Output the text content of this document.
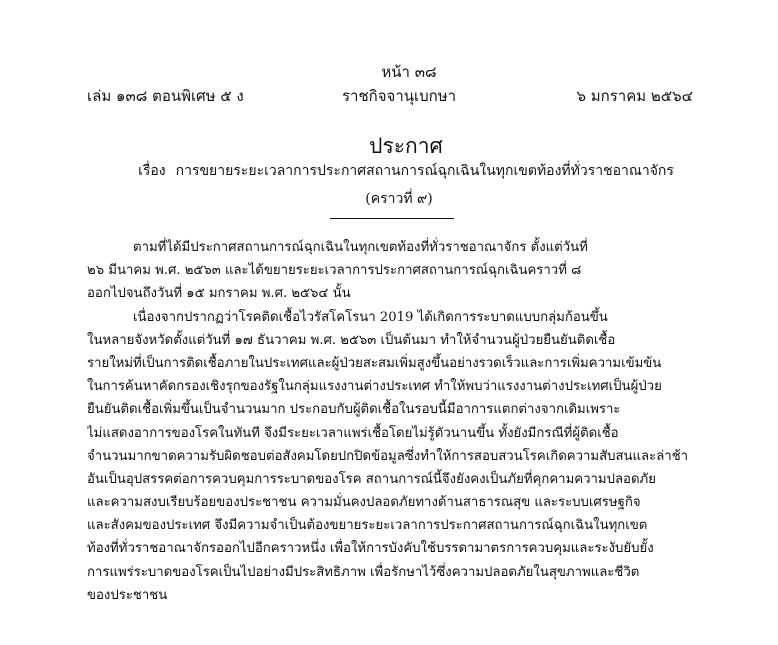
หน้า ๓๘
เล่ม ๑๓๘ ตอนพิเศษ ๕ ง	ราชกิจจานุเบกษา	๖ มกราคม ๒๕๖๔
ประกาศ
เรื่อง การขยายระยะเวลาการประกาศสถานการณ์ฉุกเฉินในทุกเขตท้องที่ทั่วราชอาณาจักร
(คราวที่ ๙)
ตามที่ได้มีประกาศสถานการณ์ฉุกเฉินในทุกเขตท้องที่ทั่วราชอาณาจักร ตั้งแต่วันที่
๒๖ มีนาคม พ.ศ. ๒๕๖๓ และได้ขยายระยะเวลาการประกาศสถานการณ์ฉุกเฉินคราวที่ ๘
ออกไปจนถึงวันที่ ๑๕ มกราคม พ.ศ. ๒๕๖๔ นั้น
เนื่องจากปรากฏว่าโรคติดเชื้อไวรัสโคโรนา 2019 ได้เกิดการระบาดแบบกลุ่มก้อนขึ้น
ในหลายจังหวัดตั้งแต่วันที่ ๑๗ ธันวาคม พ.ศ. ๒๕๖๓ เป็นต้นมา ทำให้จำนวนผู้ป่วยยืนยันติดเชื้อ
รายใหม่ที่เป็นการติดเชื้อภายในประเทศและผู้ป่วยสะสมเพิ่มสูงขึ้นอย่างรวดเร็วและการเพิ่มความเข้มข้น
ในการค้นหาคัดกรองเชิงรุกของรัฐในกลุ่มแรงงานต่างประเทศ ทำให้พบว่าแรงงานต่างประเทศเป็นผู้ป่วย
ยืนยันติดเชื้อเพิ่มขึ้นเป็นจำนวนมาก ประกอบกับผู้ติดเชื้อในรอบนี้มีอาการแตกต่างจากเดิมเพราะ
ไม่แสดงอาการของโรคในทันที จึงมีระยะเวลาแพร่เชื้อโดยไม่รู้ตัวนานขึ้น ทั้งยังมีกรณีที่ผู้ติดเชื้อ
จำนวนมากขาดความรับผิดชอบต่อสังคมโดยปกปิดข้อมูลซึ่งทำให้การสอบสวนโรคเกิดความสับสนและล่าช้า
อันเป็นอุปสรรคต่อการควบคุมการระบาดของโรค สถานการณ์นี้จึงยังคงเป็นภัยที่คุกคามความปลอดภัย
และความสงบเรียบร้อยของประชาชน ความมั่นคงปลอดภัยทางด้านสาธารณสุข และระบบเศรษฐกิจ
และสังคมของประเทศ จึงมีความจำเป็นต้องขยายระยะเวลาการประกาศสถานการณ์ฉุกเฉินในทุกเขต
ท้องที่ทั่วราชอาณาจักรออกไปอีกคราวหนึ่ง เพื่อให้การบังคับใช้บรรดามาตรการควบคุมและระงับยับยั้ง
การแพร่ระบาดของโรคเป็นไปอย่างมีประสิทธิภาพ เพื่อรักษาไว้ซึ่งความปลอดภัยในสุขภาพและชีวิต
ของประชาชน
